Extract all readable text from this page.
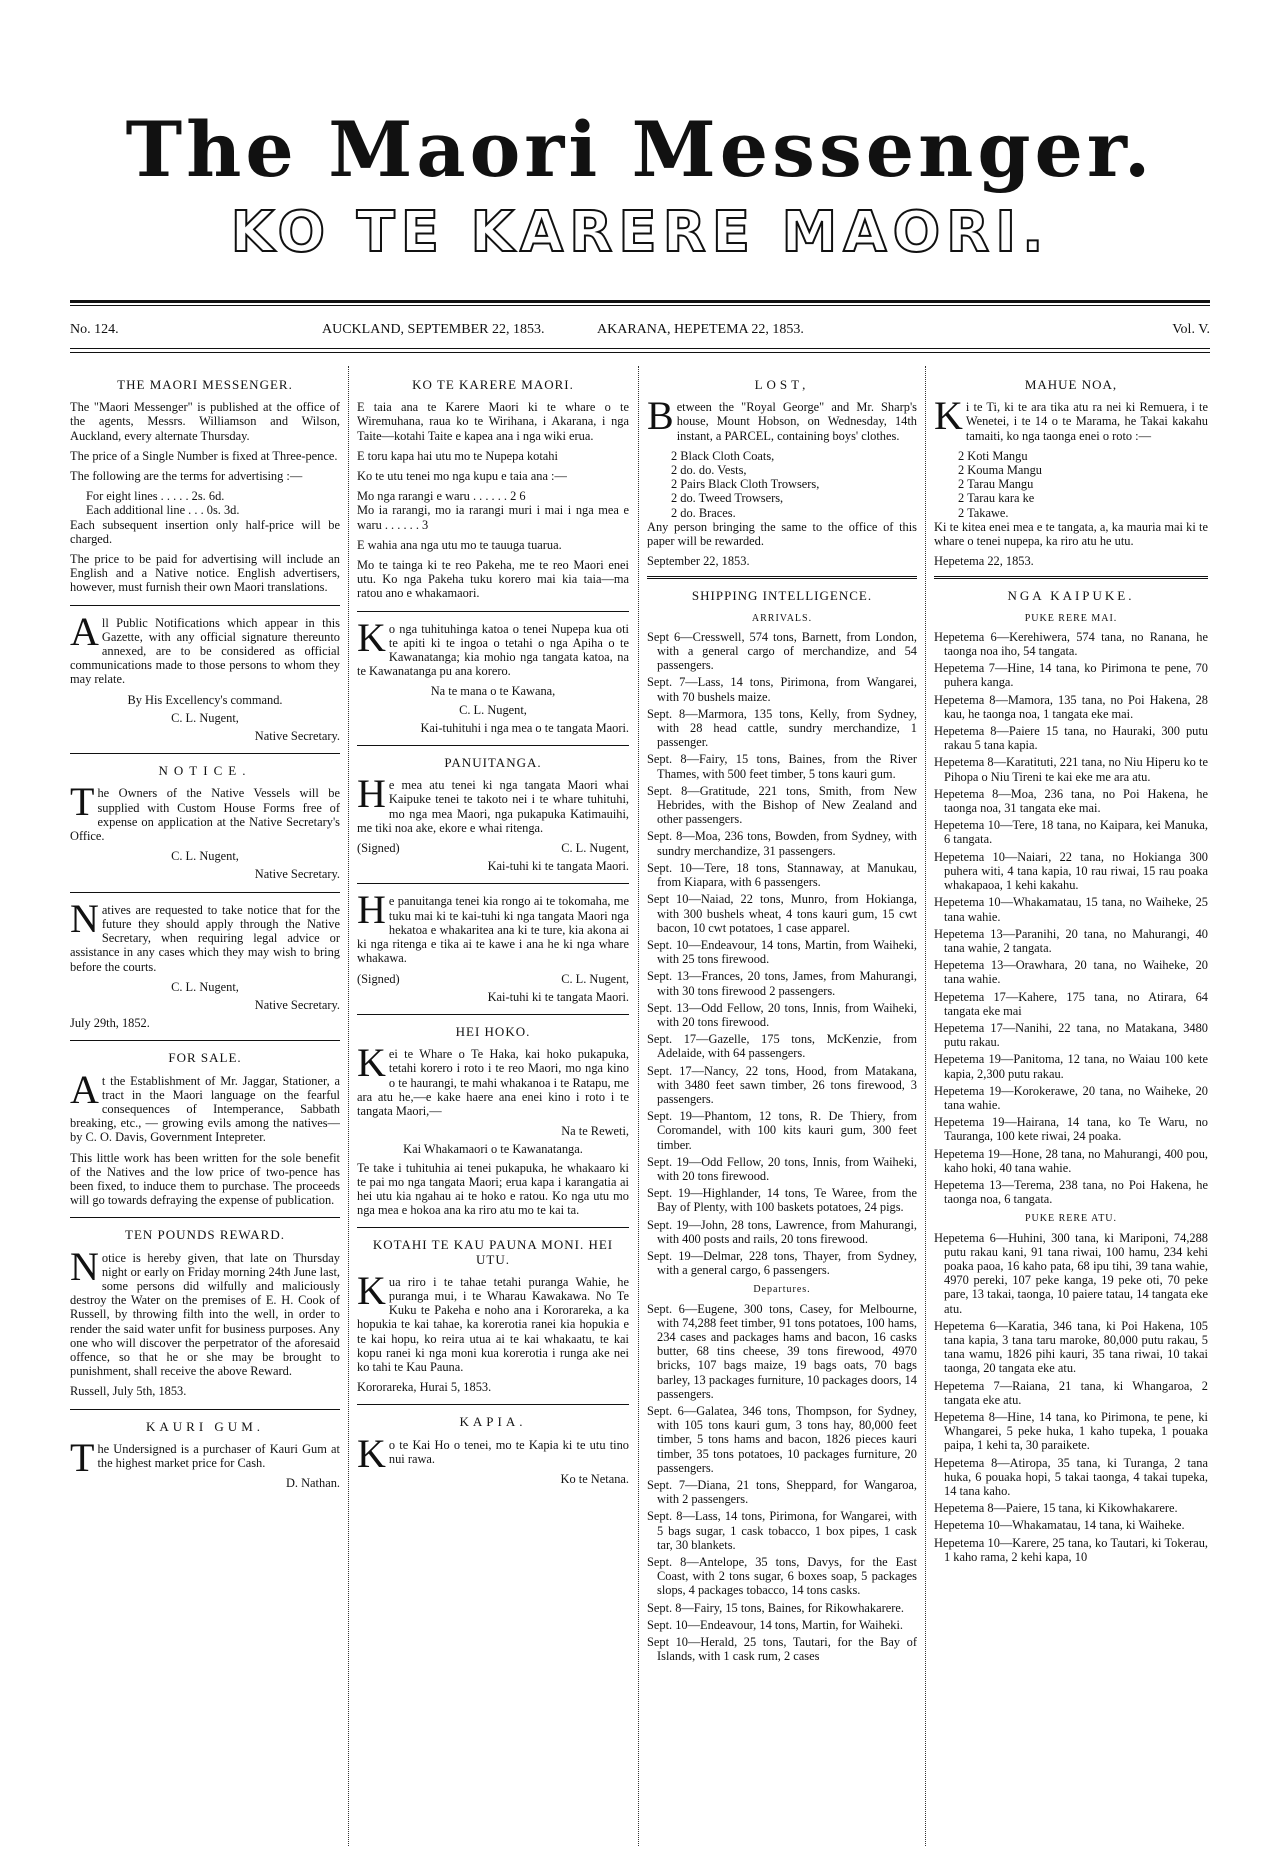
The Maori Messenger.
KO TE KARERE MAORI.
No. 124.	AUCKLAND, SEPTEMBER 22, 1853.	AKARANA, HEPETEMA 22, 1853.	Vol. V.
THE MAORI MESSENGER.

The "Maori Messenger" is published at the office of the agents, Messrs. Williamson and Wilson, Auckland, every alternate Thursday.

The price of a Single Number is fixed at Three-pence.

The following are the terms for advertising :—

For eight lines . . . . . 2s. 6d.

Each additional line . . . 0s. 3d.

Each subsequent insertion only half-price will be charged.

The price to be paid for advertising will include an English and a Native notice. English advertisers, however, must furnish their own Maori translations.

All Public Notifications which appear in this Gazette, with any official signature thereunto annexed, are to be considered as official communications made to those persons to whom they may relate.

By His Excellency's command.

C. L. Nugent,

Native Secretary.

NOTICE.

The Owners of the Native Vessels will be supplied with Custom House Forms free of expense on application at the Native Secretary's Office.

C. L. Nugent,

Native Secretary.

Natives are requested to take notice that for the future they should apply through the Native Secretary, when requiring legal advice or assistance in any cases which they may wish to bring before the courts.

C. L. Nugent,

Native Secretary.

July 29th, 1852.

FOR SALE.

At the Establishment of Mr. Jaggar, Stationer, a tract in the Maori language on the fearful consequences of Intemperance, Sabbath breaking, etc., — growing evils among the natives—by C. O. Davis, Government Intepreter.

This little work has been written for the sole benefit of the Natives and the low price of two-pence has been fixed, to induce them to purchase. The proceeds will go towards defraying the expense of publication.

TEN POUNDS REWARD.

Notice is hereby given, that late on Thursday night or early on Friday morning 24th June last, some persons did wilfully and maliciously destroy the Water on the premises of E. H. Cook of Russell, by throwing filth into the well, in order to render the said water unfit for business purposes. Any one who will discover the perpetrator of the aforesaid offence, so that he or she may be brought to punishment, shall receive the above Reward.

Russell, July 5th, 1853.

KAURI GUM.

The Undersigned is a purchaser of Kauri Gum at the highest market price for Cash.

D. Nathan.

KO TE KARERE MAORI.

E taia ana te Karere Maori ki te whare o te Wiremuhana, raua ko te Wirihana, i Akarana, i nga Taite—kotahi Taite e kapea ana i nga wiki erua.

E toru kapa hai utu mo te Nupepa kotahi

Ko te utu tenei mo nga kupu e taia ana :—

Mo nga rarangi e waru . . . . . . 2 6

Mo ia rarangi, mo ia rarangi muri i mai i nga mea e waru . . . . . . 3

E wahia ana nga utu mo te tauuga tuarua.

Mo te tainga ki te reo Pakeha, me te reo Maori enei utu. Ko nga Pakeha tuku korero mai kia taia—ma ratou ano e whakamaori.

Ko nga tuhituhinga katoa o tenei Nupepa kua oti te apiti ki te ingoa o tetahi o nga Apiha o te Kawanatanga; kia mohio nga tangata katoa, na te Kawanatanga pu ana korero.

Na te mana o te Kawana,

C. L. Nugent,

Kai-tuhituhi i nga mea o te tangata Maori.

PANUITANGA.

He mea atu tenei ki nga tangata Maori whai Kaipuke tenei te takoto nei i te whare tuhituhi, mo nga mea Maori, nga pukapuka Katimauihi, me tiki noa ake, ekore e whai ritenga.

(Signed)	C. L. Nugent,

Kai-tuhi ki te tangata Maori.

He panuitanga tenei kia rongo ai te tokomaha, me tuku mai ki te kai-tuhi ki nga tangata Maori nga hekatoa e whakaritea ana ki te ture, kia akona ai ki nga ritenga e tika ai te kawe i ana he ki nga whare whakawa.

(Signed)	C. L. Nugent,

Kai-tuhi ki te tangata Maori.

HEI HOKO.

Kei te Whare o Te Haka, kai hoko pukapuka, tetahi korero i roto i te reo Maori, mo nga kino o te haurangi, te mahi whakanoa i te Ratapu, me ara atu he,—e kake haere ana enei kino i roto i te tangata Maori,—

Na te Reweti,

Kai Whakamaori o te Kawanatanga.

Te take i tuhituhia ai tenei pukapuka, he whakaaro ki te pai mo nga tangata Maori; erua kapa i karangatia ai hei utu kia ngahau ai te hoko e ratou. Ko nga utu mo nga mea e hokoa ana ka riro atu mo te kai ta.

KOTAHI TE KAU PAUNA MONI. HEI UTU.

Kua riro i te tahae tetahi puranga Wahie, he puranga mui, i te Wharau Kawakawa. No Te Kuku te Pakeha e noho ana i Kororareka, a ka hopukia te kai tahae, ka korerotia ranei kia hopukia e te kai hopu, ko reira utua ai te kai whakaatu, te kai kopu ranei ki nga moni kua korerotia i runga ake nei ko tahi te Kau Pauna.

Kororareka, Hurai 5, 1853.

KAPIA.

Ko te Kai Ho o tenei, mo te Kapia ki te utu tino nui rawa.

Ko te Netana.

LOST,

Between the "Royal George" and Mr. Sharp's house, Mount Hobson, on Wednesday, 14th instant, a PARCEL, containing boys' clothes.

2 Black Cloth Coats,
2 do. do. Vests,
2 Pairs Black Cloth Trowsers,
2 do. Tweed Trowsers,
2 do. Braces.

Any person bringing the same to the office of this paper will be rewarded.

September 22, 1853.

SHIPPING INTELLIGENCE.
ARRIVALS.
Sept 6—Cresswell, 574 tons, Barnett, from London, with a general cargo of merchandize, and 54 passengers.
Sept. 7—Lass, 14 tons, Pirimona, from Wangarei, with 70 bushels maize.
Sept. 8—Marmora, 135 tons, Kelly, from Sydney, with 28 head cattle, sundry merchandize, 1 passenger.
Sept. 8—Fairy, 15 tons, Baines, from the River Thames, with 500 feet timber, 5 tons kauri gum.
Sept. 8—Gratitude, 221 tons, Smith, from New Hebrides, with the Bishop of New Zealand and other passengers.
Sept. 8—Moa, 236 tons, Bowden, from Sydney, with sundry merchandize, 31 passengers.
Sept. 10—Tere, 18 tons, Stannaway, at Manukau, from Kiapara, with 6 passengers.
Sept 10—Naiad, 22 tons, Munro, from Hokianga, with 300 bushels wheat, 4 tons kauri gum, 15 cwt bacon, 10 cwt potatoes, 1 case apparel.
Sept. 10—Endeavour, 14 tons, Martin, from Waiheki, with 25 tons firewood.
Sept. 13—Frances, 20 tons, James, from Mahurangi, with 30 tons firewood 2 passengers.
Sept. 13—Odd Fellow, 20 tons, Innis, from Waiheki, with 20 tons firewood.
Sept. 17—Gazelle, 175 tons, McKenzie, from Adelaide, with 64 passengers.
Sept. 17—Nancy, 22 tons, Hood, from Matakana, with 3480 feet sawn timber, 26 tons firewood, 3 passengers.
Sept. 19—Phantom, 12 tons, R. De Thiery, from Coromandel, with 100 kits kauri gum, 300 feet timber.
Sept. 19—Odd Fellow, 20 tons, Innis, from Waiheki, with 20 tons firewood.
Sept. 19—Highlander, 14 tons, Te Waree, from the Bay of Plenty, with 100 baskets potatoes, 24 pigs.
Sept. 19—John, 28 tons, Lawrence, from Mahurangi, with 400 posts and rails, 20 tons firewood.
Sept. 19—Delmar, 228 tons, Thayer, from Sydney, with a general cargo, 6 passengers.
Departures.
Sept. 6—Eugene, 300 tons, Casey, for Melbourne, with 74,288 feet timber, 91 tons potatoes, 100 hams, 234 cases and packages hams and bacon, 16 casks butter, 68 tins cheese, 39 tons firewood, 4970 bricks, 107 bags maize, 19 bags oats, 70 bags barley, 13 packages furniture, 10 packages doors, 14 passengers.
Sept. 6—Galatea, 346 tons, Thompson, for Sydney, with 105 tons kauri gum, 3 tons hay, 80,000 feet timber, 5 tons hams and bacon, 1826 pieces kauri timber, 35 tons potatoes, 10 packages furniture, 20 passengers.
Sept. 7—Diana, 21 tons, Sheppard, for Wangaroa, with 2 passengers.
Sept. 8—Lass, 14 tons, Pirimona, for Wangarei, with 5 bags sugar, 1 cask tobacco, 1 box pipes, 1 cask tar, 30 blankets.
Sept. 8—Antelope, 35 tons, Davys, for the East Coast, with 2 tons sugar, 6 boxes soap, 5 packages slops, 4 packages tobacco, 14 tons casks.
Sept. 8—Fairy, 15 tons, Baines, for Rikowhakarere.
Sept. 10—Endeavour, 14 tons, Martin, for Waiheki.
Sept 10—Herald, 25 tons, Tautari, for the Bay of Islands, with 1 cask rum, 2 cases
MAHUE NOA,

Ki te Ti, ki te ara tika atu ra nei ki Remuera, i te Wenetei, i te 14 o te Marama, he Takai kakahu tamaiti, ko nga taonga enei o roto :—

2 Koti Mangu
2 Kouma Mangu
2 Tarau Mangu
2 Tarau kara ke
2 Takawe.

Ki te kitea enei mea e te tangata, a, ka mauria mai ki te whare o tenei nupepa, ka riro atu he utu.

Hepetema 22, 1853.

NGA KAIPUKE.
PUKE RERE MAI.
Hepetema 6—Kerehiwera, 574 tana, no Ranana, he taonga noa iho, 54 tangata.
Hepetema 7—Hine, 14 tana, ko Pirimona te pene, 70 puhera kanga.
Hepetema 8—Mamora, 135 tana, no Poi Hakena, 28 kau, he taonga noa, 1 tangata eke mai.
Hepetema 8—Paiere 15 tana, no Hauraki, 300 putu rakau 5 tana kapia.
Hepetema 8—Karatituti, 221 tana, no Niu Hiperu ko te Pihopa o Niu Tireni te kai eke me ara atu.
Hepetema 8—Moa, 236 tana, no Poi Hakena, he taonga noa, 31 tangata eke mai.
Hepetema 10—Tere, 18 tana, no Kaipara, kei Manuka, 6 tangata.
Hepetema 10—Naiari, 22 tana, no Hokianga 300 puhera witi, 4 tana kapia, 10 rau riwai, 15 rau poaka whakapaoa, 1 kehi kakahu.
Hepetema 10—Whakamatau, 15 tana, no Waiheke, 25 tana wahie.
Hepetema 13—Paranihi, 20 tana, no Mahurangi, 40 tana wahie, 2 tangata.
Hepetema 13—Orawhara, 20 tana, no Waiheke, 20 tana wahie.
Hepetema 17—Kahere, 175 tana, no Atirara, 64 tangata eke mai
Hepetema 17—Nanihi, 22 tana, no Matakana, 3480 putu rakau.
Hepetema 19—Panitoma, 12 tana, no Waiau 100 kete kapia, 2,300 putu rakau.
Hepetema 19—Korokerawe, 20 tana, no Waiheke, 20 tana wahie.
Hepetema 19—Hairana, 14 tana, ko Te Waru, no Tauranga, 100 kete riwai, 24 poaka.
Hepetema 19—Hone, 28 tana, no Mahurangi, 400 pou, kaho hoki, 40 tana wahie.
Hepetema 13—Terema, 238 tana, no Poi Hakena, he taonga noa, 6 tangata.
PUKE RERE ATU.
Hepetema 6—Huhini, 300 tana, ki Mariponi, 74,288 putu rakau kani, 91 tana riwai, 100 hamu, 234 kehi poaka paoa, 16 kaho pata, 68 ipu tihi, 39 tana wahie, 4970 pereki, 107 peke kanga, 19 peke oti, 70 peke pare, 13 takai, taonga, 10 paiere tatau, 14 tangata eke atu.
Hepetema 6—Karatia, 346 tana, ki Poi Hakena, 105 tana kapia, 3 tana taru maroke, 80,000 putu rakau, 5 tana wamu, 1826 pihi kauri, 35 tana riwai, 10 takai taonga, 20 tangata eke atu.
Hepetema 7—Raiana, 21 tana, ki Whangaroa, 2 tangata eke atu.
Hepetema 8—Hine, 14 tana, ko Pirimona, te pene, ki Whangarei, 5 peke huka, 1 kaho tupeka, 1 pouaka paipa, 1 kehi ta, 30 paraikete.
Hepetema 8—Atiropa, 35 tana, ki Turanga, 2 tana huka, 6 pouaka hopi, 5 takai taonga, 4 takai tupeka, 14 tana kaho.
Hepetema 8—Paiere, 15 tana, ki Kikowhakarere.
Hepetema 10—Whakamatau, 14 tana, ki Waiheke.
Hepetema 10—Karere, 25 tana, ko Tautari, ki Tokerau, 1 kaho rama, 2 kehi kapa, 10
